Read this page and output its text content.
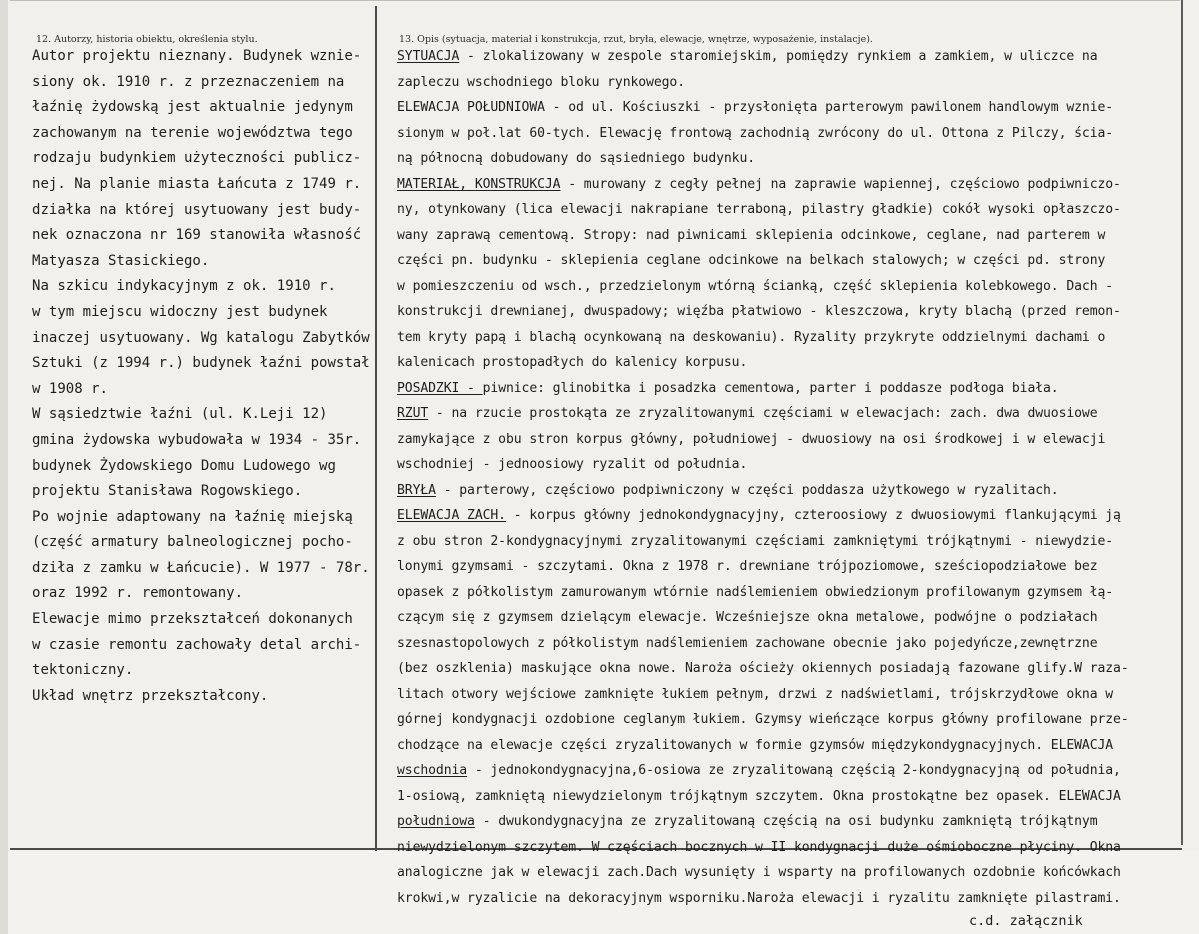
12. Autorzy, historia obiektu, określenia stylu.	13. Opis (sytuacja, materiał i konstrukcja, rzut, bryła, elewacje, wnętrze, wyposażenie, instalacje).
Autor projektu nieznany. Budynek wznie-
siony ok. 1910 r. z przeznaczeniem na
łaźnię żydowską jest aktualnie jedynym
zachowanym na terenie województwa tego
rodzaju budynkiem użyteczności publicz-
nej. Na planie miasta Łańcuta z 1749 r.
działka na której usytuowany jest budy-
nek oznaczona nr 169 stanowiła własność
Matyasza Stasickiego.
Na szkicu indykacyjnym z ok. 1910 r.
w tym miejscu widoczny jest budynek
inaczej usytuowany. Wg katalogu Zabytków
Sztuki (z 1994 r.) budynek łaźni powstał
w 1908 r.
W sąsiedztwie łaźni (ul. K.Leji 12)
gmina żydowska wybudowała w 1934 - 35r.
budynek Żydowskiego Domu Ludowego wg
projektu Stanisława Rogowskiego.
Po wojnie adaptowany na łaźnię miejską
(część armatury balneologicznej pocho-
dziła z zamku w Łańcucie). W 1977 - 78r.
oraz 1992 r. remontowany.
Elewacje mimo przekształceń dokonanych
w czasie remontu zachowały detal archi-
tektoniczny.
Układ wnętrz przekształcony.
SYTUACJA - zlokalizowany w zespole staromiejskim, pomiędzy rynkiem a zamkiem, w uliczce na
zapleczu wschodniego bloku rynkowego.
ELEWACJA POŁUDNIOWA - od ul. Kościuszki - przysłonięta parterowym pawilonem handlowym wznie-
sionym w poł.lat 60-tych. Elewację frontową zachodnią zwrócony do ul. Ottona z Pilczy, ścia-
ną północną dobudowany do sąsiedniego budynku.
MATERIAŁ, KONSTRUKCJA - murowany z cegły pełnej na zaprawie wapiennej, częściowo podpiwniczo-
ny, otynkowany (lica elewacji nakrapiane terraboną, pilastry gładkie) cokół wysoki opłaszczo-
wany zaprawą cementową. Stropy: nad piwnicami sklepienia odcinkowe, ceglane, nad parterem w
części pn. budynku - sklepienia ceglane odcinkowe na belkach stalowych; w części pd. strony
w pomieszczeniu od wsch., przedzielonym wtórną ścianką, część sklepienia kolebkowego. Dach -
konstrukcji drewnianej, dwuspadowy; więźba płatwiowo - kleszczowa, kryty blachą (przed remon-
tem kryty papą i blachą ocynkowaną na deskowaniu). Ryzality przykryte oddzielnymi dachami o
kalenicach prostopadłych do kalenicy korpusu.
POSADZKI - piwnice: glinobitka i posadzka cementowa, parter i poddasze podłoga biała.
RZUT - na rzucie prostokąta ze zryzalitowanymi częściami w elewacjach: zach. dwa dwuosiowe
zamykające z obu stron korpus główny, południowej - dwuosiowy na osi środkowej i w elewacji
wschodniej - jednoosiowy ryzalit od południa.
BRYŁA - parterowy, częściowo podpiwniczony w części poddasza użytkowego w ryzalitach.
ELEWACJA ZACH. - korpus główny jednokondygnacyjny, czteroosiowy z dwuosiowymi flankującymi ją
z obu stron 2-kondygnacyjnymi zryzalitowanymi częściami zamkniętymi trójkątnymi - niewydzie-
lonymi gzymsami - szczytami. Okna z 1978 r. drewniane trójpoziomowe, sześciopodziałowe bez
opasek z półkolistym zamurowanym wtórnie nadślemieniem obwiedzionym profilowanym gzymsem łą-
czącym się z gzymsem dzielącym elewacje. Wcześniejsze okna metalowe, podwójne o podziałach
szesnastopolowych z półkolistym nadślemieniem zachowane obecnie jako pojedyńcze,zewnętrzne
(bez oszklenia) maskujące okna nowe. Naroża ościeży okiennych posiadają fazowane glify.W raza-
litach otwory wejściowe zamknięte łukiem pełnym, drzwi z nadświetlami, trójskrzydłowe okna w
górnej kondygnacji ozdobione ceglanym łukiem. Gzymsy wieńczące korpus główny profilowane prze-
chodzące na elewacje części zryzalitowanych w formie gzymsów międzykondygnacyjnych. ELEWACJA
wschodnia - jednokondygnacyjna,6-osiowa ze zryzalitowaną częścią 2-kondygnacyjną od południa,
1-osiową, zamkniętą niewydzielonym trójkątnym szczytem. Okna prostokątne bez opasek. ELEWACJA
południowa - dwukondygnacyjna ze zryzalitowaną częścią na osi budynku zamkniętą trójkątnym
niewydzielonym szczytem. W częściach bocznych w II kondygnacji duże ośmioboczne płyciny. Okna
analogiczne jak w elewacji zach.Dach wysunięty i wsparty na profilowanych ozdobnie końcówkach
krokwi,w ryzalicie na dekoracyjnym wsporniku.Naroża elewacji i ryzalitu zamknięte pilastrami.
c.d. załącznik
